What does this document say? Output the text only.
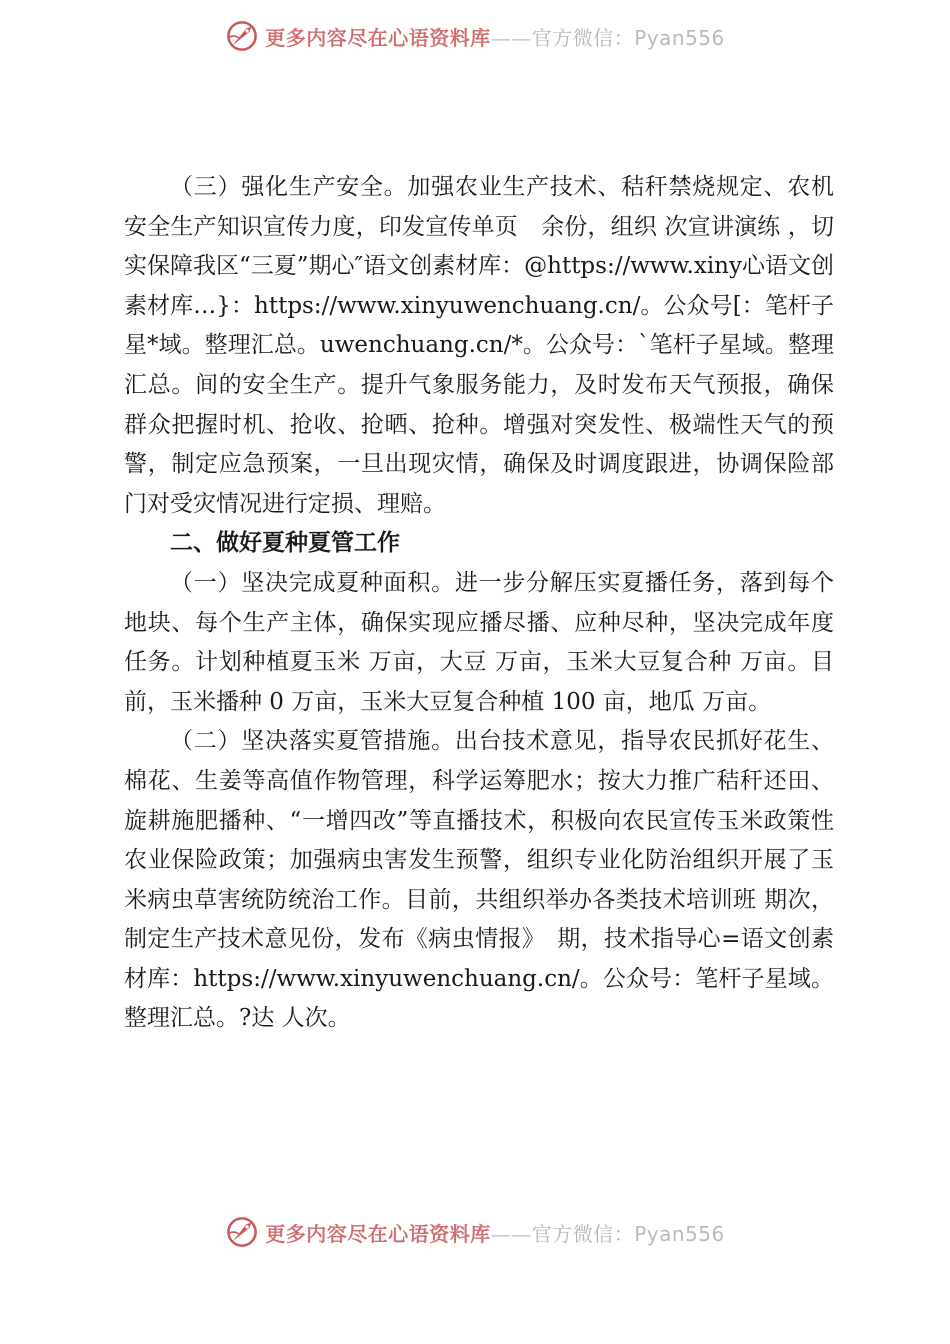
更多内容尽在心语资料库——官方微信：Pyan556

（三）强化生产安全。加强农业生产技术、秸秆禁烧规定、农机安全生产知识宣传力度，印发宣传单页　余份，组织 次宣讲演练 ，切实保障我区“三夏”期心″语文创素材库：@https://www.xiny心语文创素材库…}：https://www.xinyuwenchuang.cn/。公众号[：笔杆子星*域。整理汇总。uwenchuang.cn/*。公众号：`笔杆子星域。整理汇总。间的安全生产。提升气象服务能力，及时发布天气预报，确保群众把握时机、抢收、抢晒、抢种。增强对突发性、极端性天气的预警，制定应急预案，一旦出现灾情，确保及时调度跟进，协调保险部门对受灾情况进行定损、理赔。

二、做好夏种夏管工作

（一）坚决完成夏种面积。进一步分解压实夏播任务，落到每个地块、每个生产主体，确保实现应播尽播、应种尽种，坚决完成年度任务。计划种植夏玉米 万亩，大豆 万亩，玉米大豆复合种 万亩。目前，玉米播种 0 万亩，玉米大豆复合种植 100 亩，地瓜 万亩。

（二）坚决落实夏管措施。出台技术意见，指导农民抓好花生、棉花、生姜等高值作物管理，科学运筹肥水；按大力推广秸秆还田、旋耕施肥播种、“一增四改”等直播技术，积极向农民宣传玉米政策性农业保险政策；加强病虫害发生预警，组织专业化防治组织开展了玉米病虫草害统防统治工作。目前，共组织举办各类技术培训班 期次，制定生产技术意见份，发布《病虫情报》　期，技术指导心=语文创素材库：https://www.xinyuwenchuang.cn/。公众号：笔杆子星域。整理汇总。?达 人次。

更多内容尽在心语资料库——官方微信：Pyan556
